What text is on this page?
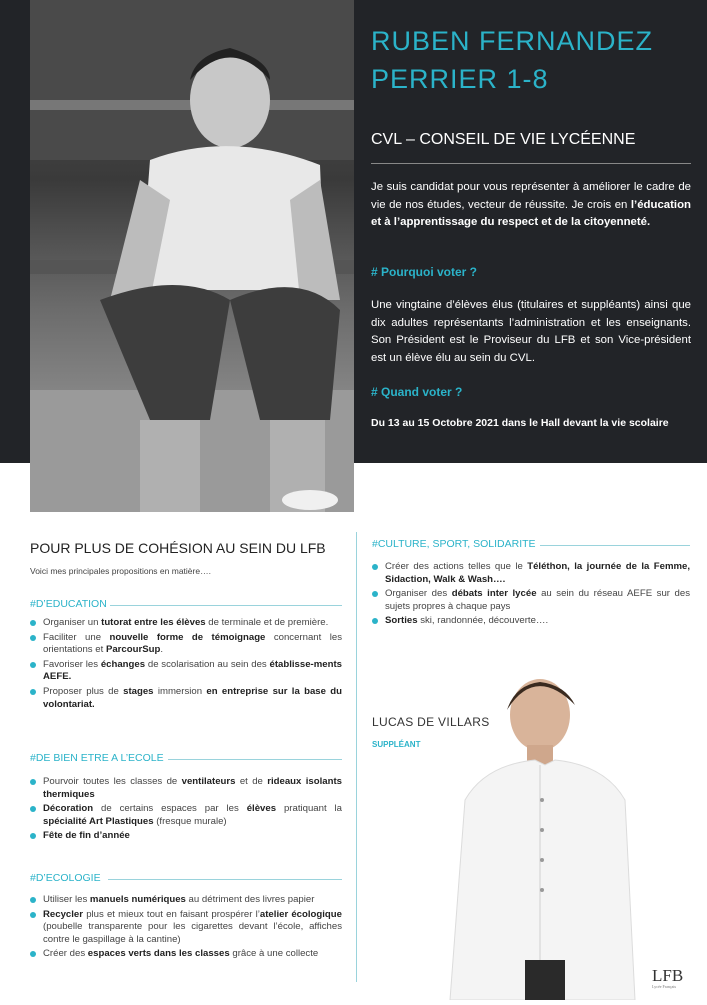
RUBEN FERNANDEZ
PERRIER 1-8
CVL – CONSEIL DE VIE LYCÉENNE
Je suis candidat pour vous représenter à améliorer le cadre de vie de nos études, vecteur de réussite. Je crois en l’éducation et à l’apprentissage du respect et de la citoyenneté.
# Pourquoi voter ?
Une vingtaine d’élèves élus (titulaires et suppléants) ainsi que dix adultes représentants l’administration et les enseignants. Son Président est le Proviseur du LFB et son Vice-président est un élève élu au sein du CVL.
# Quand voter ?
Du 13 au 15 Octobre 2021 dans le Hall devant la vie scolaire
POUR PLUS DE COHÉSION AU SEIN DU LFB
Voici mes principales propositions en matière….
#D’EDUCATION
Organiser un tutorat entre les élèves de terminale et de première.
Faciliter une nouvelle forme de témoignage concernant les orientations et ParcourSup.
Favoriser les échanges de scolarisation au sein des établisse-ments AEFE.
Proposer plus de stages immersion en entreprise sur la base du volontariat.
#DE BIEN ETRE A L’ECOLE
Pourvoir toutes les classes de ventilateurs et de rideaux isolants thermiques
Décoration de certains espaces par les élèves pratiquant la spécialité Art Plastiques (fresque murale)
Fête de fin d’année
#D’ECOLOGIE
Utiliser les manuels numériques au détriment des livres papier
Recycler plus et mieux tout en faisant prospérer l’atelier écologique (poubelle transparente pour les cigarettes devant l’école, affiches contre le gaspillage à la cantine)
Créer des espaces verts dans les classes grâce à une collecte
#CULTURE, SPORT, SOLIDARITE
Créer des actions telles que le Téléthon, la journée de la Femme, Sidaction, Walk & Wash….
Organiser des débats inter lycée au sein du réseau AEFE sur des sujets propres à chaque pays
Sorties ski, randonnée, découverte….
LUCAS DE VILLARS
SUPPLÉANT
LFB
Lycée Français
